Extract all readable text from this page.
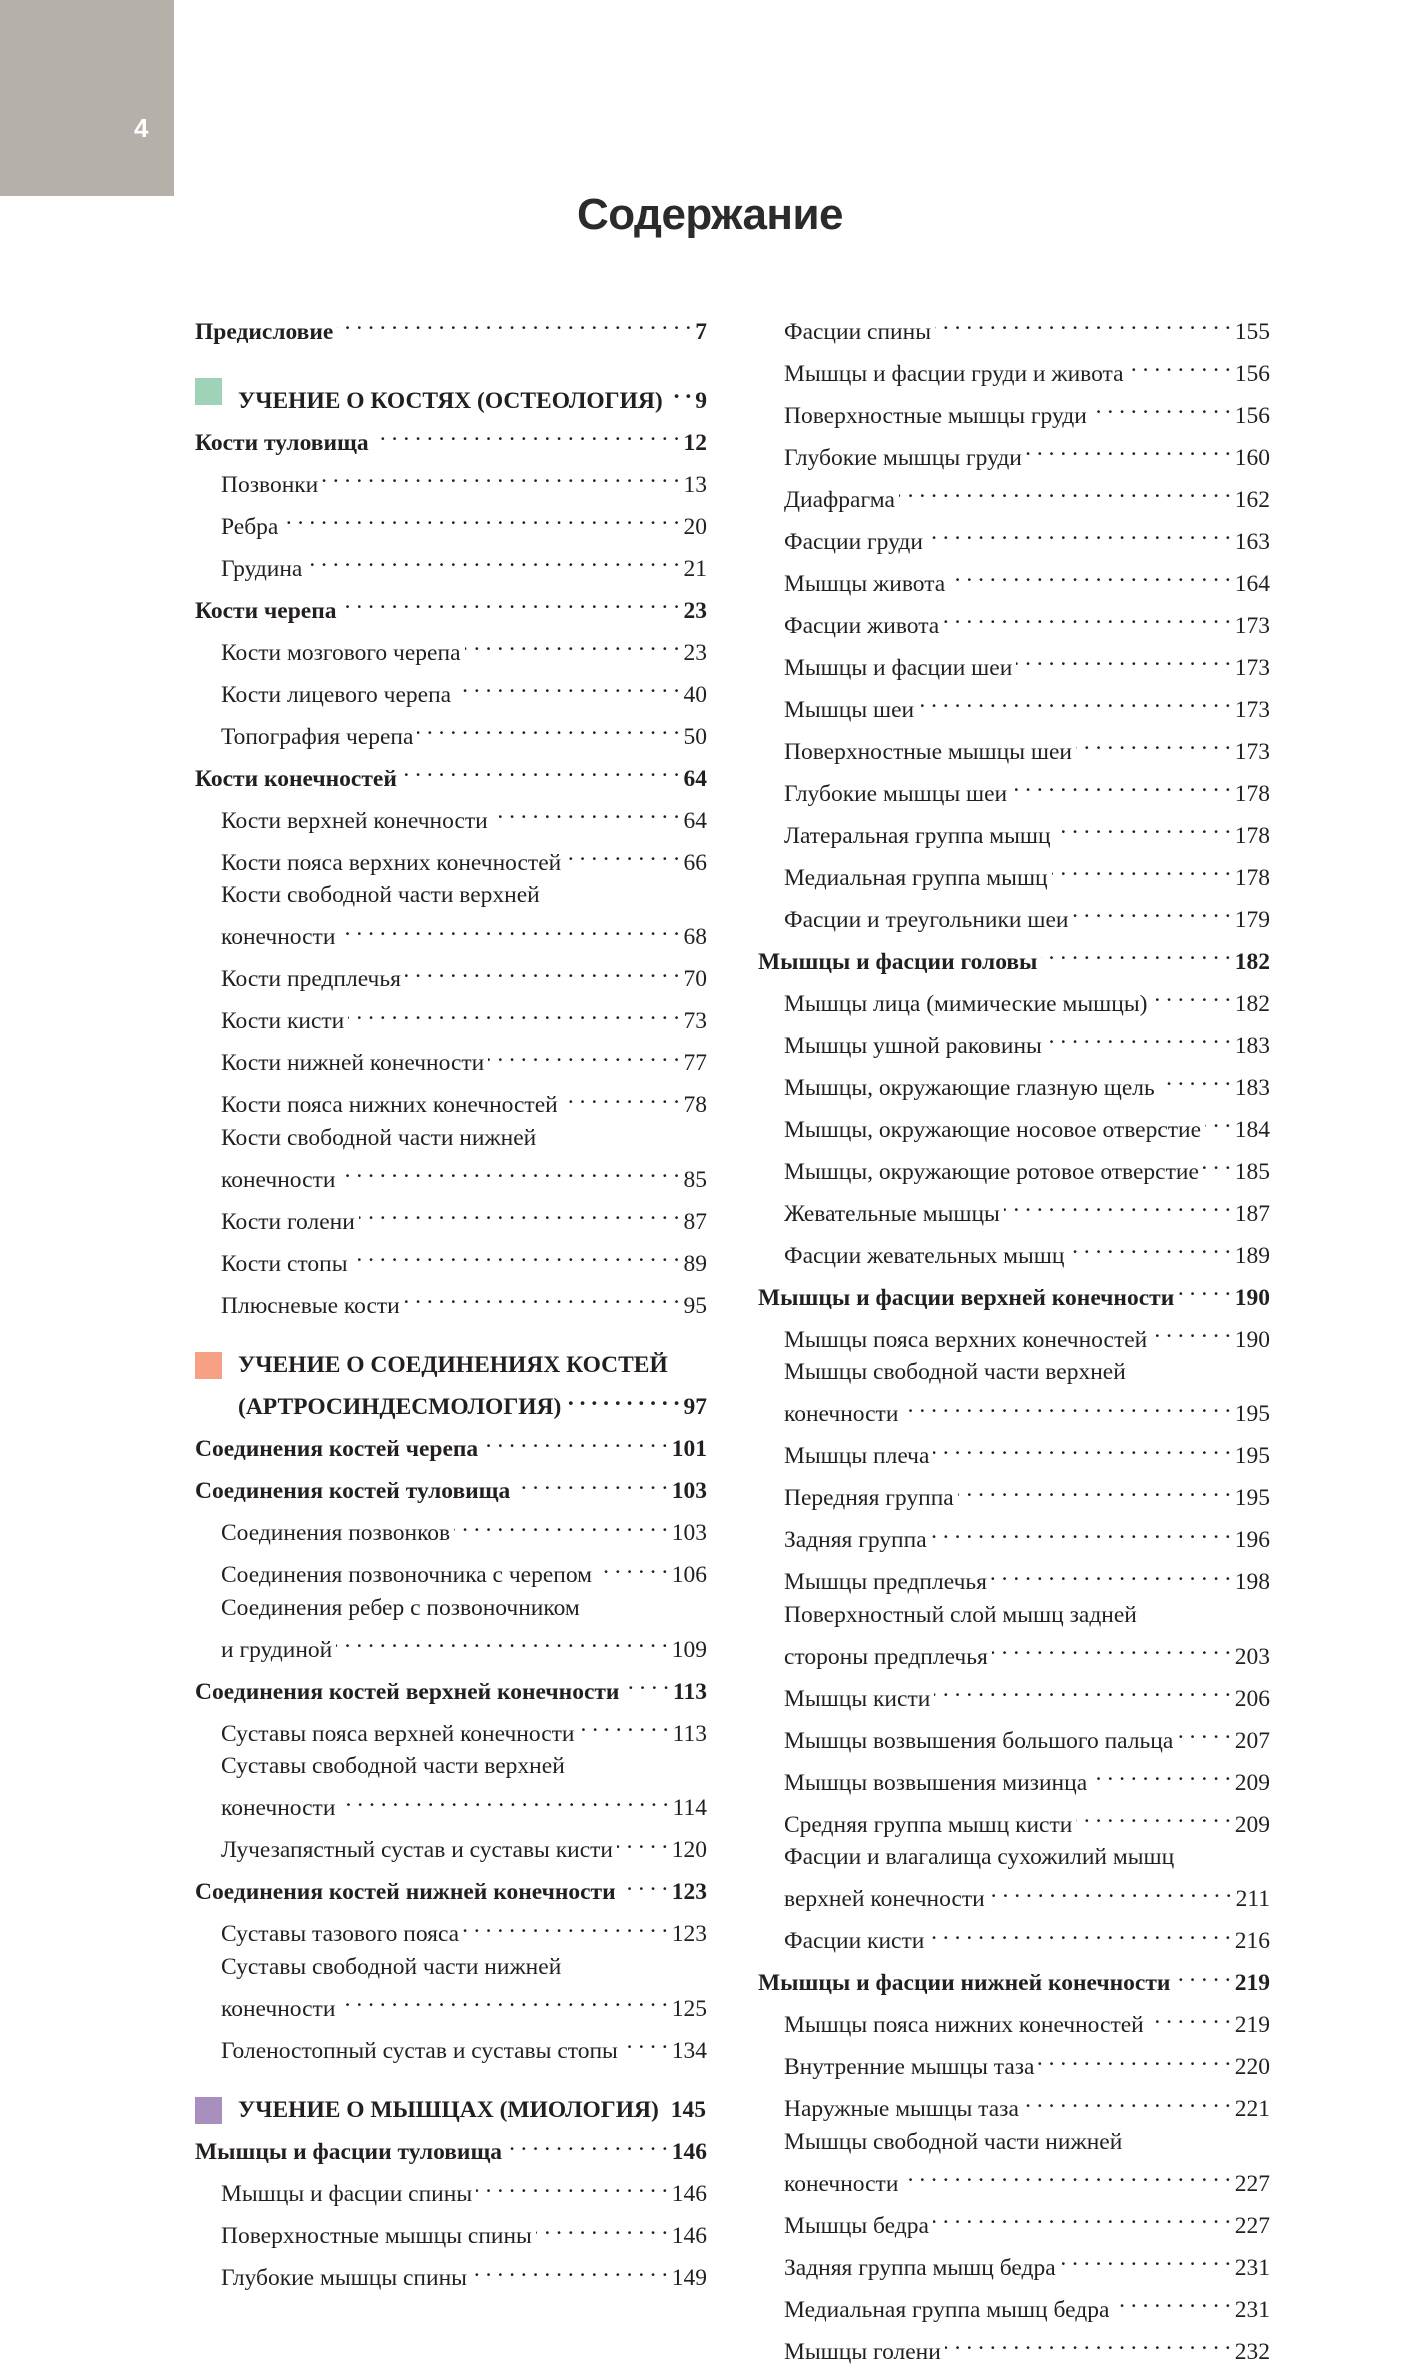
4
Содержание
Предисловие . . .	7
УЧЕНИЕ О КОСТЯХ (ОСТЕОЛОГИЯ) . . . 9
Кости туловища . . .	12
Позвонки . . .	13
Ребра . . .	20
Грудина . . .	21
Кости черепа . . .	23
Кости мозгового черепа . . .	23
Кости лицевого черепа . . .	40
Топография черепа . . .	50
Кости конечностей . . .	64
Кости верхней конечности . . .	64
Кости пояса верхних конечностей . . .	66
Кости свободной части верхней
конечности . . .	68
Кости предплечья . . .	70
Кости кисти . . .	73
Кости нижней конечности . . .	77
Кости пояса нижних конечностей . . .	78
Кости свободной части нижней
конечности . . .	85
Кости голени . . .	87
Кости стопы . . .	89
Плюсневые кости . . .	95
УЧЕНИЕ О СОЕДИНЕНИЯХ КОСТЕЙ
(АРТРОСИНДЕСМОЛОГИЯ) . . .	97
Соединения костей черепа . . .	101
Соединения костей туловища . . .	103
Соединения позвонков . . .	103
Соединения позвоночника с черепом . . .	106
Соединения ребер с позвоночником
и грудиной . . .	109
Соединения костей верхней конечности . . . 113
Суставы пояса верхней конечности . . .	113
Суставы свободной части верхней
конечности . . .	114
Лучезапястный сустав и суставы кисти . . .	120
Соединения костей нижней конечности . . . 123
Суставы тазового пояса . . .	123
Суставы свободной части нижней
конечности . . .	125
Голеностопный сустав и суставы стопы . . . 134
УЧЕНИЕ О МЫШЦАХ (МИОЛОГИЯ) 145
Мышцы и фасции туловища . . .	146
Мышцы и фасции спины . . .	146
Поверхностные мышцы спины . . .	146
Глубокие мышцы спины . . .	149
Фасции спины . . .	155
Мышцы и фасции груди и живота . . .	156
Поверхностные мышцы груди . . .	156
Глубокие мышцы груди . . .	160
Диафрагма . . .	162
Фасции груди . . .	163
Мышцы живота . . .	164
Фасции живота . . .	173
Мышцы и фасции шеи . . .	173
Мышцы шеи . . .	173
Поверхностные мышцы шеи . . .	173
Глубокие мышцы шеи . . .	178
Латеральная группа мышц . . .	178
Медиальная группа мышц . . .	178
Фасции и треугольники шеи . . .	179
Мышцы и фасции головы . . .	182
Мышцы лица (мимические мышцы) . . .	182
Мышцы ушной раковины . . .	183
Мышцы, окружающие глазную щель . . .	183
Мышцы, окружающие носовое отверстие . . . 184
Мышцы, окружающие ротовое отверстие . . . 185
Жевательные мышцы . . .	187
Фасции жевательных мышц . . .	189
Мышцы и фасции верхней конечности . . .	190
Мышцы пояса верхних конечностей . . .	190
Мышцы свободной части верхней
конечности . . .	195
Мышцы плеча . . .	195
Передняя группа . . .	195
Задняя группа . . .	196
Мышцы предплечья . . .	198
Поверхностный слой мышц задней
стороны предплечья . . .	203
Мышцы кисти . . .	206
Мышцы возвышения большого пальца . . .	207
Мышцы возвышения мизинца . . .	209
Средняя группа мышц кисти . . .	209
Фасции и влагалища сухожилий мышц
верхней конечности . . .	211
Фасции кисти . . .	216
Мышцы и фасции нижней конечности . . .	219
Мышцы пояса нижних конечностей . . .	219
Внутренние мышцы таза . . .	220
Наружные мышцы таза . . .	221
Мышцы свободной части нижней
конечности . . .	227
Мышцы бедра . . .	227
Задняя группа мышц бедра . . .	231
Медиальная группа мышц бедра . . .	231
Мышцы голени . . .	232
